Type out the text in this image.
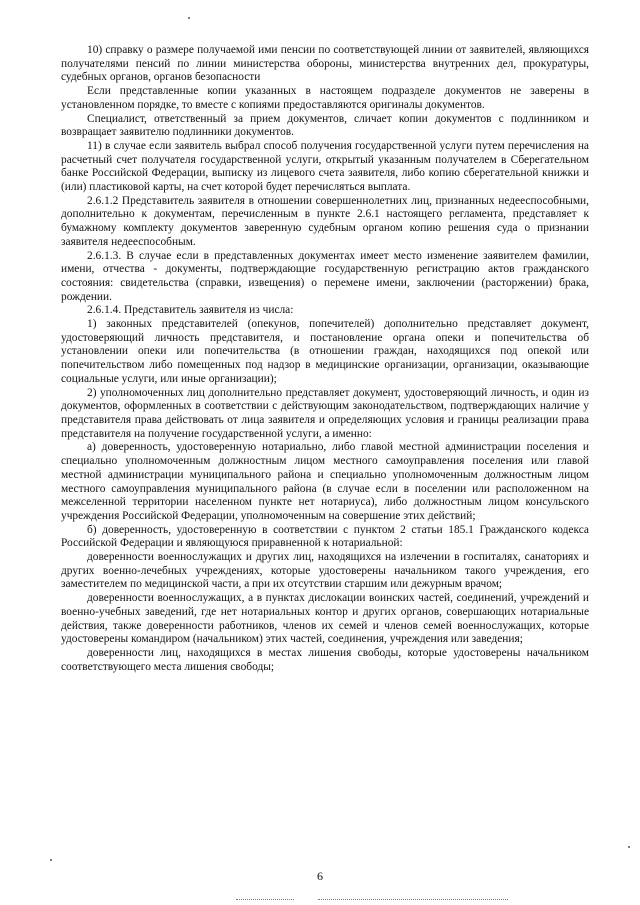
10) справку о размере получаемой ими пенсии по соответствующей линии от заявителей, являющихся получателями пенсий по линии министерства обороны, министерства внутренних дел, прокуратуры, судебных органов, органов безопасности

Если представленные копии указанных в настоящем подразделе документов не заверены в установленном порядке, то вместе с копиями предоставляются оригиналы документов.

Специалист, ответственный за прием документов, сличает копии документов с подлинником и возвращает заявителю подлинники документов.

11) в случае если заявитель выбрал способ получения государственной услуги путем перечисления на расчетный счет получателя государственной услуги, открытый указанным получателем в Сберегательном банке Российской Федерации, выписку из лицевого счета заявителя, либо копию сберегательной книжки и (или) пластиковой карты, на счет которой будет перечисляться выплата.

2.6.1.2 Представитель заявителя в отношении совершеннолетних лиц, признанных недееспособными, дополнительно к документам, перечисленным в пункте 2.6.1 настоящего регламента, представляет к бумажному комплекту документов заверенную судебным органом копию решения суда о признании заявителя недееспособным.

2.6.1.3. В случае если в представленных документах имеет место изменение заявителем фамилии, имени, отчества - документы, подтверждающие государственную регистрацию актов гражданского состояния: свидетельства (справки, извещения) о перемене имени, заключении (расторжении) брака, рождении.

2.6.1.4. Представитель заявителя из числа:

1) законных представителей (опекунов, попечителей) дополнительно представляет документ, удостоверяющий личность представителя, и постановление органа опеки и попечительства об установлении опеки или попечительства (в отношении граждан, находящихся под опекой или попечительством либо помещенных под надзор в медицинские организации, организации, оказывающие социальные услуги, или иные организации);

2) уполномоченных лиц дополнительно представляет документ, удостоверяющий личность, и один из документов, оформленных в соответствии с действующим законодательством, подтверждающих наличие у представителя права действовать от лица заявителя и определяющих условия и границы реализации права представителя на получение государственной услуги, а именно:

а) доверенность, удостоверенную нотариально, либо главой местной администрации поселения и специально уполномоченным должностным лицом местного самоуправления поселения или главой местной администрации муниципального района и специально уполномоченным должностным лицом местного самоуправления муниципального района (в случае если в поселении или расположенном на межселенной территории населенном пункте нет нотариуса), либо должностным лицом консульского учреждения Российской Федерации, уполномоченным на совершение этих действий;

б) доверенность, удостоверенную в соответствии с пунктом 2 статьи 185.1 Гражданского кодекса Российской Федерации и являющуюся приравненной к нотариальной:

доверенности военнослужащих и других лиц, находящихся на излечении в госпиталях, санаториях и других военно-лечебных учреждениях, которые удостоверены начальником такого учреждения, его заместителем по медицинской части, а при их отсутствии старшим или дежурным врачом;

доверенности военнослужащих, а в пунктах дислокации воинских частей, соединений, учреждений и военно-учебных заведений, где нет нотариальных контор и других органов, совершающих нотариальные действия, также доверенности работников, членов их семей и членов семей военнослужащих, которые удостоверены командиром (начальником) этих частей, соединения, учреждения или заведения;

доверенности лиц, находящихся в местах лишения свободы, которые удостоверены начальником соответствующего места лишения свободы;

6
